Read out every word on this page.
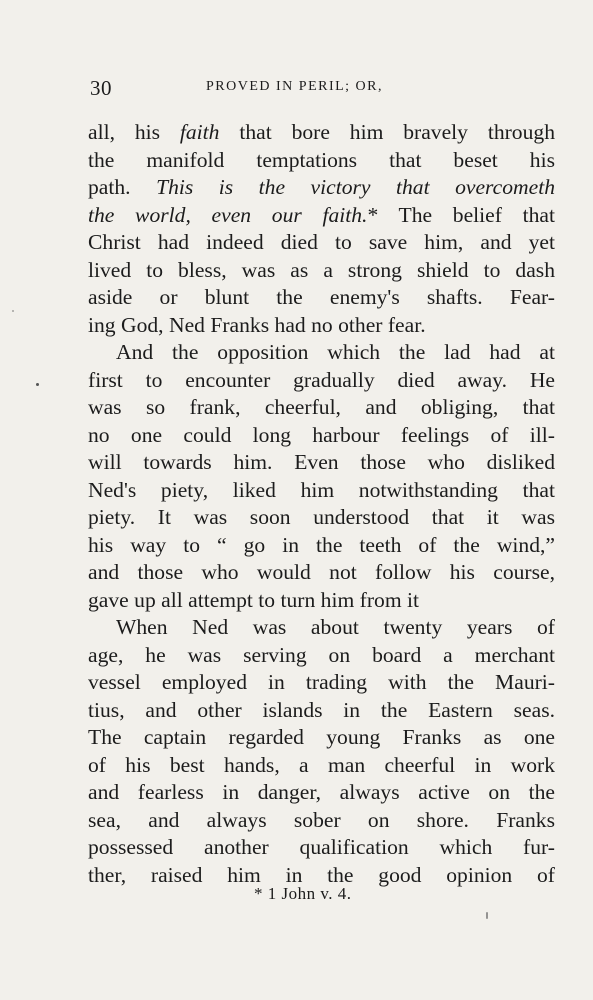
30	PROVED IN PERIL; OR,
all, his faith that bore him bravely through
the manifold temptations that beset his
path. This is the victory that overcometh
the world, even our faith.* The belief that
Christ had indeed died to save him, and yet
lived to bless, was as a strong shield to dash
aside or blunt the enemy's shafts. Fear-
ing God, Ned Franks had no other fear.
And the opposition which the lad had at
first to encounter gradually died away. He
was so frank, cheerful, and obliging, that
no one could long harbour feelings of ill-
will towards him. Even those who disliked
Ned's piety, liked him notwithstanding that
piety. It was soon understood that it was
his way to “ go in the teeth of the wind,”
and those who would not follow his course,
gave up all attempt to turn him from it
When Ned was about twenty years of
age, he was serving on board a merchant
vessel employed in trading with the Mauri-
tius, and other islands in the Eastern seas.
The captain regarded young Franks as one
of his best hands, a man cheerful in work
and fearless in danger, always active on the
sea, and always sober on shore. Franks
possessed another qualification which fur-
ther, raised him in the good opinion of
* 1 John v. 4.
